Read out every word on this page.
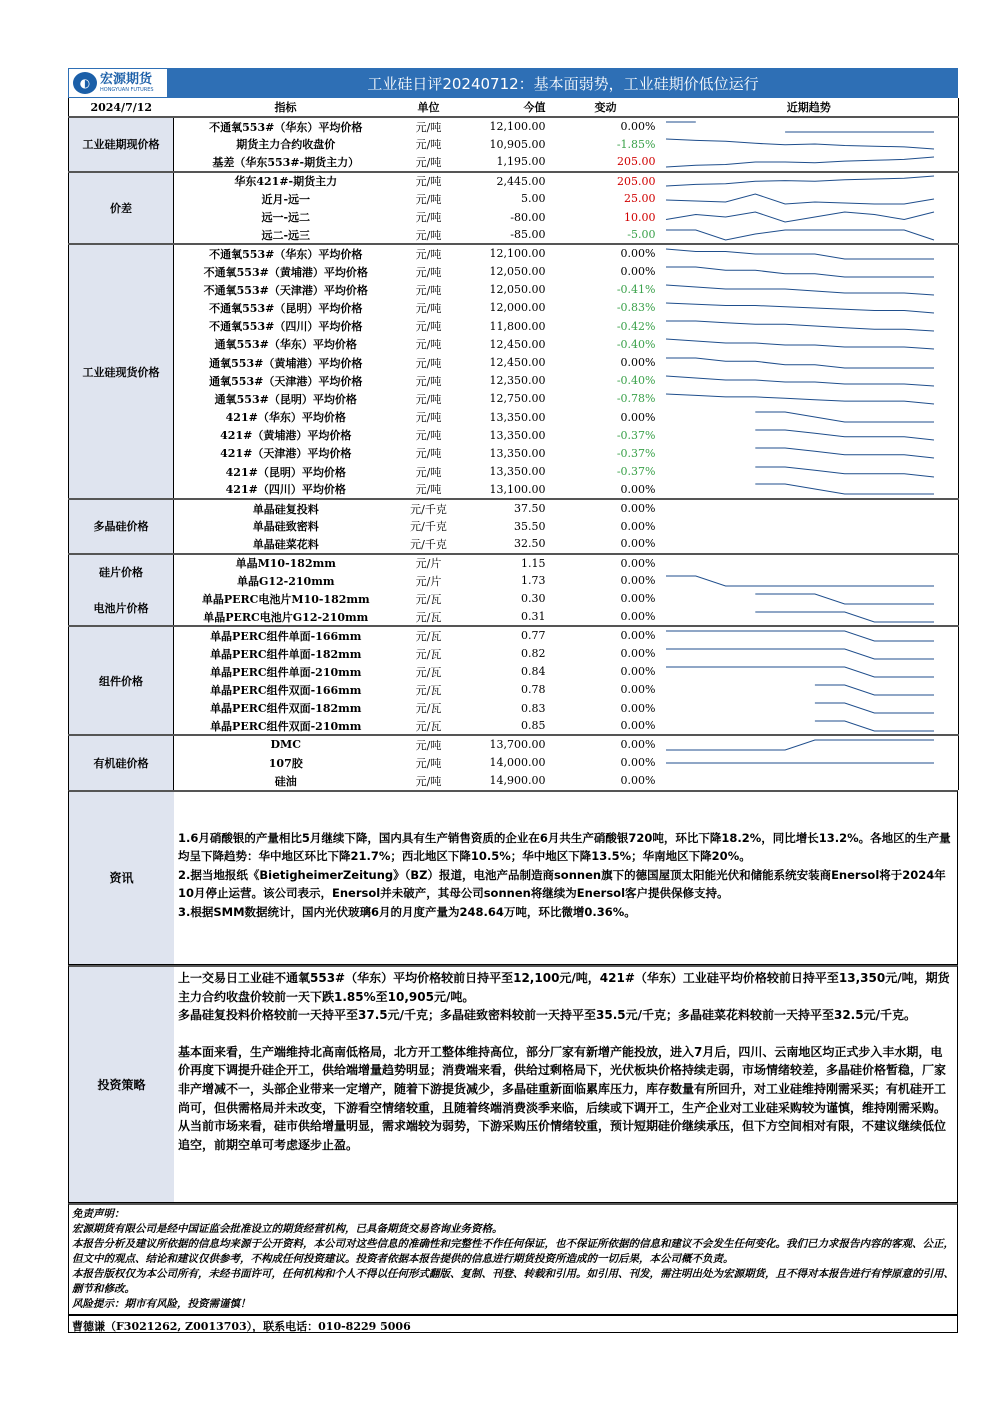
◐ 宏源期货
HONGYUAN FUTURES	工业硅日评20240712：基本面弱势，工业硅期价低位运行
2024/7/12	指标	单位	今值	变动	近期趋势
工业硅期现价格	不通氧553#（华东）平均价格	元/吨	12,100.00	0.00%	

	期货主力合约收盘价	元/吨	10,905.00	-1.85%	

	基差（华东553#-期货主力）	元/吨	1,195.00	205.00	

价差	华东421#-期货主力	元/吨	2,445.00	205.00	

	近月-远一	元/吨	5.00	25.00	

	远一-远二	元/吨	-80.00	10.00	

	远二-远三	元/吨	-85.00	-5.00	

工业硅现货价格	不通氧553#（华东）平均价格	元/吨	12,100.00	0.00%	

	不通氧553#（黄埔港）平均价格	元/吨	12,050.00	0.00%	

	不通氧553#（天津港）平均价格	元/吨	12,050.00	-0.41%	

	不通氧553#（昆明）平均价格	元/吨	12,000.00	-0.83%	

	不通氧553#（四川）平均价格	元/吨	11,800.00	-0.42%	

	通氧553#（华东）平均价格	元/吨	12,450.00	-0.40%	

	通氧553#（黄埔港）平均价格	元/吨	12,450.00	0.00%	

	通氧553#（天津港）平均价格	元/吨	12,350.00	-0.40%	

	通氧553#（昆明）平均价格	元/吨	12,750.00	-0.78%	

	421#（华东）平均价格	元/吨	13,350.00	0.00%	

	421#（黄埔港）平均价格	元/吨	13,350.00	-0.37%	

	421#（天津港）平均价格	元/吨	13,350.00	-0.37%	

	421#（昆明）平均价格	元/吨	13,350.00	-0.37%	

	421#（四川）平均价格	元/吨	13,100.00	0.00%	

多晶硅价格	单晶硅复投料	元/千克	37.50	0.00%	

	单晶硅致密料	元/千克	35.50	0.00%	

	单晶硅菜花料	元/千克	32.50	0.00%	

硅片价格	单晶M10-182mm	元/片	1.15	0.00%	

	单晶G12-210mm	元/片	1.73	0.00%	

电池片价格	单晶PERC电池片M10-182mm	元/瓦	0.30	0.00%	

	单晶PERC电池片G12-210mm	元/瓦	0.31	0.00%	

组件价格	单晶PERC组件单面-166mm	元/瓦	0.77	0.00%	

	单晶PERC组件单面-182mm	元/瓦	0.82	0.00%	

	单晶PERC组件单面-210mm	元/瓦	0.84	0.00%	

	单晶PERC组件双面-166mm	元/瓦	0.78	0.00%	

	单晶PERC组件双面-182mm	元/瓦	0.83	0.00%	

	单晶PERC组件双面-210mm	元/瓦	0.85	0.00%	

有机硅价格	DMC	元/吨	13,700.00	0.00%	

	107胶	元/吨	14,000.00	0.00%	

	硅油	元/吨	14,900.00	0.00%	
资讯
1.6月硝酸银的产量相比5月继续下降，国内具有生产销售资质的企业在6月共生产硝酸银720吨，环比下降18.2%，同比增长13.2%。各地区的生产量均呈下降趋势：华中地区环比下降21.7%；西北地区下降10.5%；华中地区下降13.5%；华南地区下降20%。
2.据当地报纸《BietigheimerZeitung》（BZ）报道，电池产品制造商sonnen旗下的德国屋顶太阳能光伏和储能系统安装商Enersol将于2024年10月停止运营。该公司表示，Enersol并未破产，其母公司sonnen将继续为Enersol客户提供保修支持。
3.根据SMM数据统计，国内光伏玻璃6月的月度产量为248.64万吨，环比微增0.36%。
投资策略
上一交易日工业硅不通氧553#（华东）平均价格较前日持平至12,100元/吨，421#（华东）工业硅平均价格较前日持平至13,350元/吨，期货主力合约收盘价较前一天下跌1.85%至10,905元/吨。
多晶硅复投料价格较前一天持平至37.5元/千克；多晶硅致密料较前一天持平至35.5元/千克；多晶硅菜花料较前一天持平至32.5元/千克。
基本面来看，生产端维持北高南低格局，北方开工整体维持高位，部分厂家有新增产能投放，进入7月后，四川、云南地区均正式步入丰水期，电价再度下调提升硅企开工，供给端增量趋势明显；消费端来看，供给过剩格局下，光伏板块价格持续走弱，市场情绪较差，多晶硅价格暂稳，厂家非产增减不一，头部企业带来一定增产，随着下游提货减少，多晶硅重新面临累库压力，库存数量有所回升，对工业硅维持刚需采买；有机硅开工尚可，但供需格局并未改变，下游看空情绪较重，且随着终端消费淡季来临，后续或下调开工，生产企业对工业硅采购较为谨慎，维持刚需采购。
从当前市场来看，硅市供给增量明显，需求端较为弱势，下游采购压价情绪较重，预计短期硅价继续承压，但下方空间相对有限，不建议继续低位追空，前期空单可考虑逐步止盈。

免责声明：

宏源期货有限公司是经中国证监会批准设立的期货经营机构，已具备期货交易咨询业务资格。

本报告分析及建议所依据的信息均来源于公开资料，本公司对这些信息的准确性和完整性不作任何保证，也不保证所依据的信息和建议不会发生任何变化。我们已力求报告内容的客观、公正，但文中的观点、结论和建议仅供参考，不构成任何投资建议。投资者依据本报告提供的信息进行期货投资所造成的一切后果，本公司概不负责。

本报告版权仅为本公司所有，未经书面许可，任何机构和个人不得以任何形式翻版、复制、刊登、转载和引用。如引用、刊发，需注明出处为宏源期货，且不得对本报告进行有悖原意的引用、删节和修改。

风险提示：期市有风险，投资需谨慎！

曹德谦（F3021262, Z0013703），联系电话：010-8229 5006
